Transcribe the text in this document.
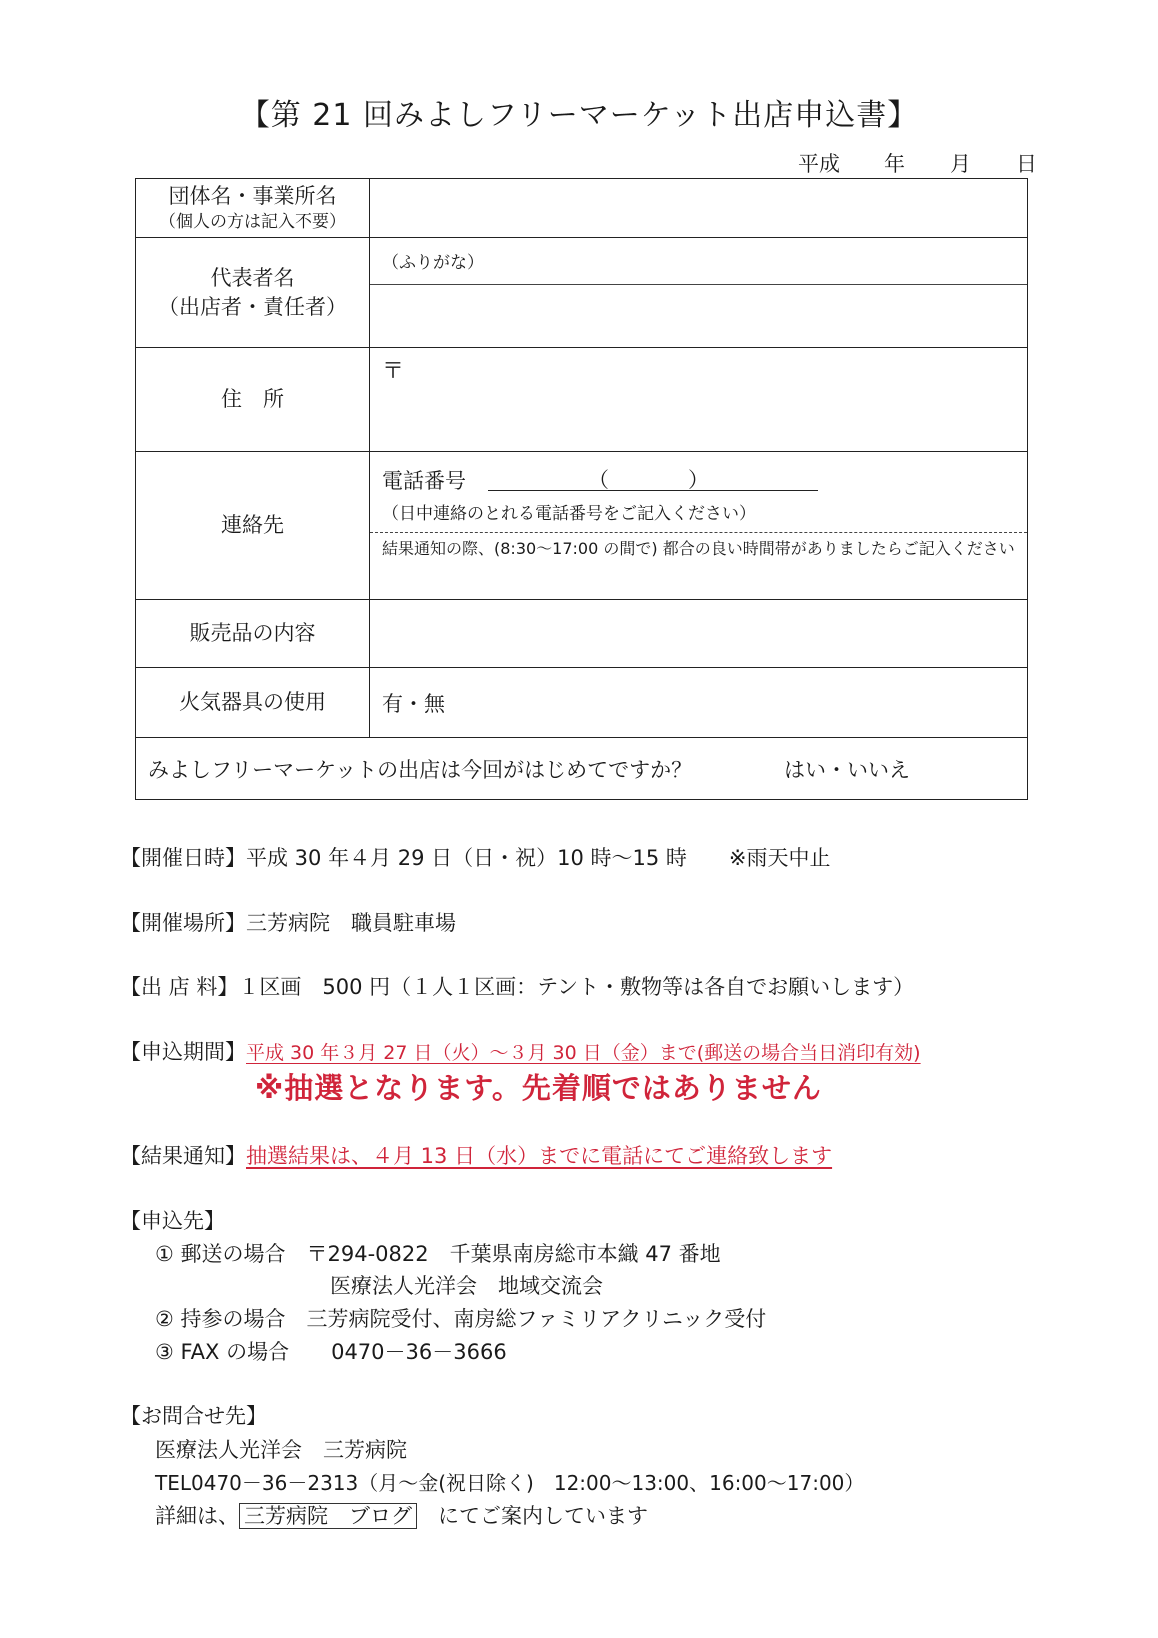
【第 21 回みよしフリーマーケット出店申込書】
平成	年	月	日
団体名・事業所名
（個人の方は記入不要）	

代表者名
（出店者・責任者）	（ふりがな）

住　所	〒

連絡先	電話番号 （ ）
（日中連絡のとれる電話番号をご記入ください）
結果通知の際、(8:30～17:00 の間で) 都合の良い時間帯がありましたらご記入ください

販売品の内容	
火気器具の使用	有・無

みよしフリーマーケットの出店は今回がはじめてですか？ はい・いいえ	
【開催日時】平成 30 年４月 29 日（日・祝）10 時～15 時　　※雨天中止
【開催場所】三芳病院　職員駐車場
【出 店 料】１区画　500 円（１人１区画：テント・敷物等は各自でお願いします）
【申込期間】平成 30 年３月 27 日（火）～３月 30 日（金）まで(郵送の場合当日消印有効)
※抽選となります。先着順ではありません
【結果通知】抽選結果は、４月 13 日（水）までに電話にてご連絡致します
【申込先】
① 郵送の場合　〒294-0822　千葉県南房総市本織 47 番地
医療法人光洋会　地域交流会
② 持参の場合　三芳病院受付、南房総ファミリアクリニック受付
③ FAX の場合　　0470－36－3666
【お問合せ先】
医療法人光洋会　三芳病院
TEL0470－36－2313（月～金(祝日除く)　12:00～13:00、16:00～17:00）
詳細は、 三芳病院　ブログ　にてご案内しています
